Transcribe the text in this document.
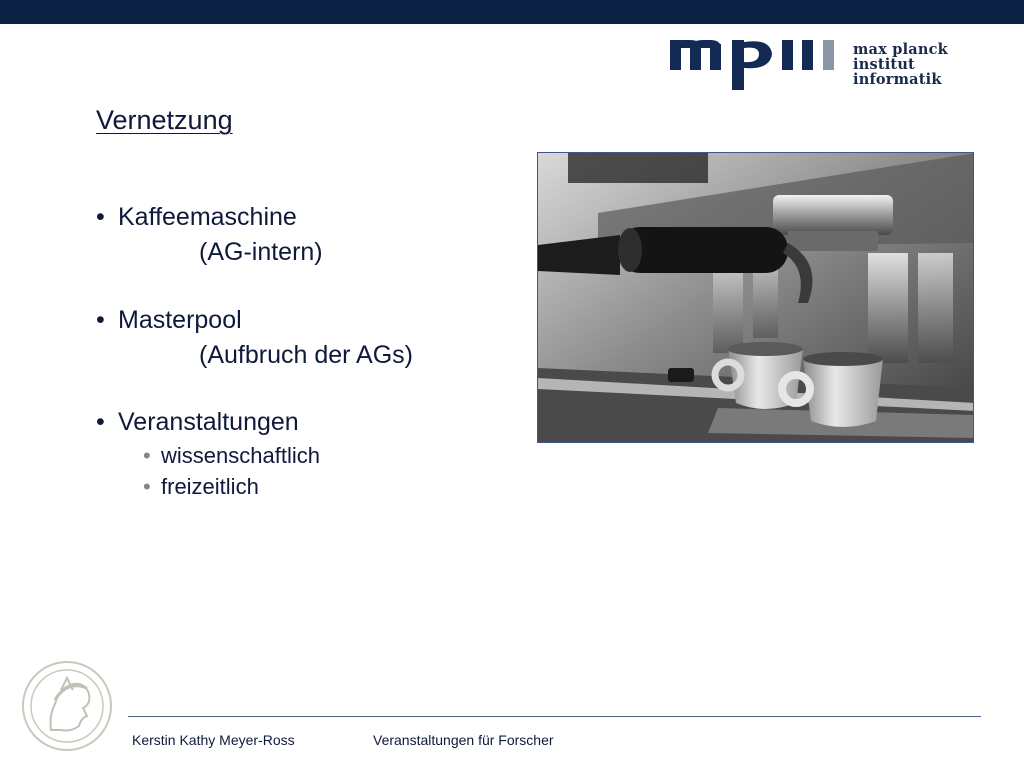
max planck institut
informatik
Vernetzung
• Kaffeemaschine
(AG-intern)
• Masterpool
(Aufbruch der AGs)
• Veranstaltungen
• wissenschaftlich
• freizeitlich
Kerstin Kathy Meyer-Ross	Veranstaltungen für Forscher
